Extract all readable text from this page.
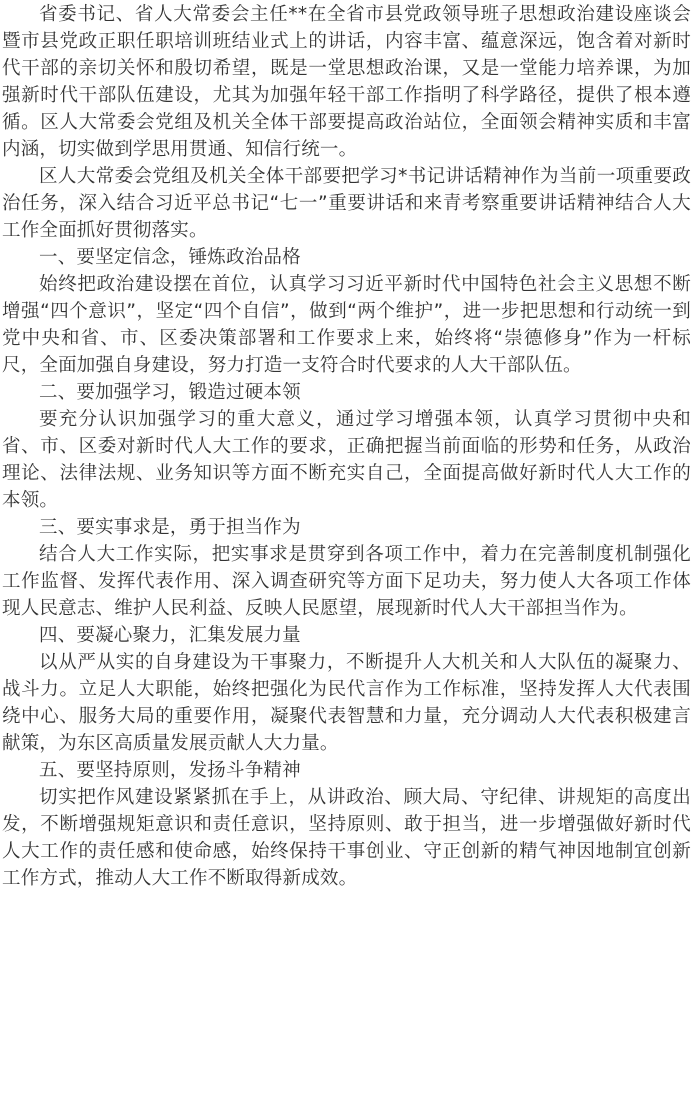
省委书记、省人大常委会主任**在全省市县党政领导班子思想政治建设座谈会暨市县党政正职任职培训班结业式上的讲话，内容丰富、蕴意深远，饱含着对新时代干部的亲切关怀和殷切希望，既是一堂思想政治课，又是一堂能力培养课，为加强新时代干部队伍建设，尤其为加强年轻干部工作指明了科学路径，提供了根本遵循。区人大常委会党组及机关全体干部要提高政治站位，全面领会精神实质和丰富内涵，切实做到学思用贯通、知信行统一。

区人大常委会党组及机关全体干部要把学习*书记讲话精神作为当前一项重要政治任务，深入结合习近平总书记“七一”重要讲话和来青考察重要讲话精神结合人大工作全面抓好贯彻落实。

一、要坚定信念，锤炼政治品格

始终把政治建设摆在首位，认真学习习近平新时代中国特色社会主义思想不断增强“四个意识”，坚定“四个自信”，做到“两个维护”，进一步把思想和行动统一到党中央和省、市、区委决策部署和工作要求上来，始终将“崇德修身”作为一杆标尺，全面加强自身建设，努力打造一支符合时代要求的人大干部队伍。

二、要加强学习，锻造过硬本领

要充分认识加强学习的重大意义，通过学习增强本领，认真学习贯彻中央和省、市、区委对新时代人大工作的要求，正确把握当前面临的形势和任务，从政治理论、法律法规、业务知识等方面不断充实自己，全面提高做好新时代人大工作的本领。

三、要实事求是，勇于担当作为

结合人大工作实际，把实事求是贯穿到各项工作中，着力在完善制度机制强化工作监督、发挥代表作用、深入调查研究等方面下足功夫，努力使人大各项工作体现人民意志、维护人民利益、反映人民愿望，展现新时代人大干部担当作为。

四、要凝心聚力，汇集发展力量

以从严从实的自身建设为干事聚力，不断提升人大机关和人大队伍的凝聚力、战斗力。立足人大职能，始终把强化为民代言作为工作标准，坚持发挥人大代表围绕中心、服务大局的重要作用，凝聚代表智慧和力量，充分调动人大代表积极建言献策，为东区高质量发展贡献人大力量。

五、要坚持原则，发扬斗争精神

切实把作风建设紧紧抓在手上，从讲政治、顾大局、守纪律、讲规矩的高度出发，不断增强规矩意识和责任意识，坚持原则、敢于担当，进一步增强做好新时代人大工作的责任感和使命感，始终保持干事创业、守正创新的精气神因地制宜创新工作方式，推动人大工作不断取得新成效。
